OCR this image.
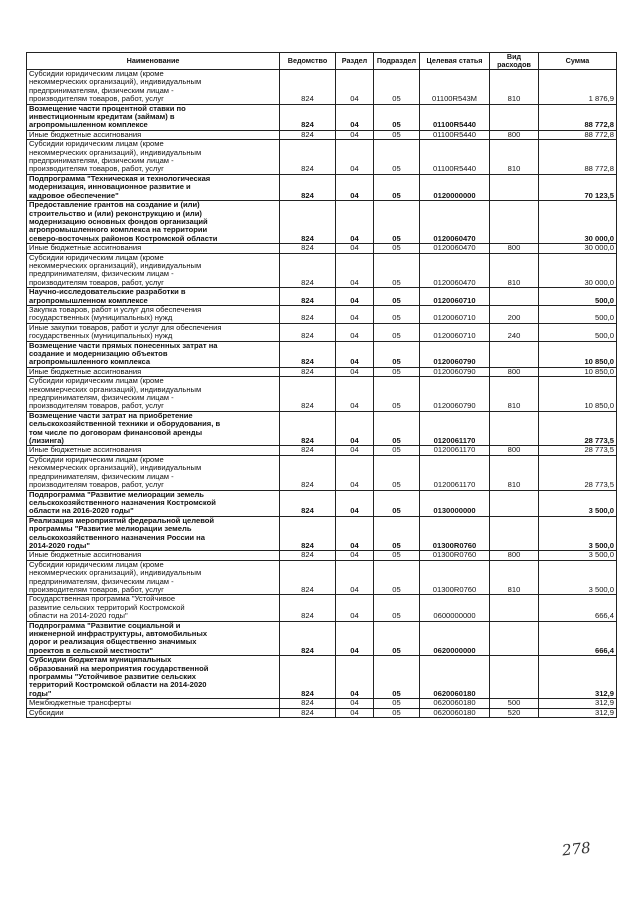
Наименование	Ведомство	Раздел	Подраздел	Целевая статья	Вид расходов	Сумма

Субсидии юридическим лицам (кроме
некоммерческих организаций), индивидуальным
предпринимателям, физическим лицам -
производителям товаров, работ, услуг	824	04	05	01100R543M	810	1 876,9

Возмещение части процентной ставки по
инвестиционным кредитам (займам) в
агропромышленном комплексе	824	04	05	01100R5440		88 772,8

Иные бюджетные ассигнования	824	04	05	01100R5440	800	88 772,8

Субсидии юридическим лицам (кроме
некоммерческих организаций), индивидуальным
предпринимателям, физическим лицам -
производителям товаров, работ, услуг	824	04	05	01100R5440	810	88 772,8

Подпрограмма "Техническая и технологическая
модернизация, инновационное развитие и
кадровое обеспечение"	824	04	05	0120000000		70 123,5

Предоставление грантов на создание и (или)
строительство и (или) реконструкцию и (или)
модернизацию основных фондов организаций
агропромышленного комплекса на территории
северо-восточных районов Костромской области	824	04	05	0120060470		30 000,0

Иные бюджетные ассигнования	824	04	05	0120060470	800	30 000,0

Субсидии юридическим лицам (кроме
некоммерческих организаций), индивидуальным
предпринимателям, физическим лицам -
производителям товаров, работ, услуг	824	04	05	0120060470	810	30 000,0

Научно-исследовательские разработки в
агропромышленном комплексе	824	04	05	0120060710		500,0

Закупка товаров, работ и услуг для обеспечения
государственных (муниципальных) нужд	824	04	05	0120060710	200	500,0

Иные закупки товаров, работ и услуг для обеспечения
государственных (муниципальных) нужд	824	04	05	0120060710	240	500,0

Возмещение части прямых понесенных затрат на
создание и модернизацию объектов
агропромышленного комплекса	824	04	05	0120060790		10 850,0

Иные бюджетные ассигнования	824	04	05	0120060790	800	10 850,0

Субсидии юридическим лицам (кроме
некоммерческих организаций), индивидуальным
предпринимателям, физическим лицам -
производителям товаров, работ, услуг	824	04	05	0120060790	810	10 850,0

Возмещение части затрат на приобретение
сельскохозяйственной техники и оборудования, в
том числе по договорам финансовой аренды
(лизинга)	824	04	05	0120061170		28 773,5

Иные бюджетные ассигнования	824	04	05	0120061170	800	28 773,5

Субсидии юридическим лицам (кроме
некоммерческих организаций), индивидуальным
предпринимателям, физическим лицам -
производителям товаров, работ, услуг	824	04	05	0120061170	810	28 773,5

Подпрограмма "Развитие мелиорации земель
сельскохозяйственного назначения Костромской
области на 2016-2020 годы"	824	04	05	0130000000		3 500,0

Реализация мероприятий федеральной целевой
программы "Развитие мелиорации земель
сельскохозяйственного назначения России на
2014-2020 годы"	824	04	05	01300R0760		3 500,0

Иные бюджетные ассигнования	824	04	05	01300R0760	800	3 500,0

Субсидии юридическим лицам (кроме
некоммерческих организаций), индивидуальным
предпринимателям, физическим лицам -
производителям товаров, работ, услуг	824	04	05	01300R0760	810	3 500,0

Государственная программа "Устойчивое
развитие сельских территорий Костромской
области на 2014-2020 годы"	824	04	05	0600000000		666,4

Подпрограмма "Развитие социальной и
инженерной инфраструктуры, автомобильных
дорог и реализация общественно значимых
проектов в сельской местности"	824	04	05	0620000000		666,4

Субсидии бюджетам муниципальных
образований на мероприятия государственной
программы "Устойчивое развитие сельских
территорий Костромской области на 2014-2020
годы"	824	04	05	0620060180		312,9

Межбюджетные трансферты	824	04	05	0620060180	500	312,9

Субсидии	824	04	05	0620060180	520	312,9
278
